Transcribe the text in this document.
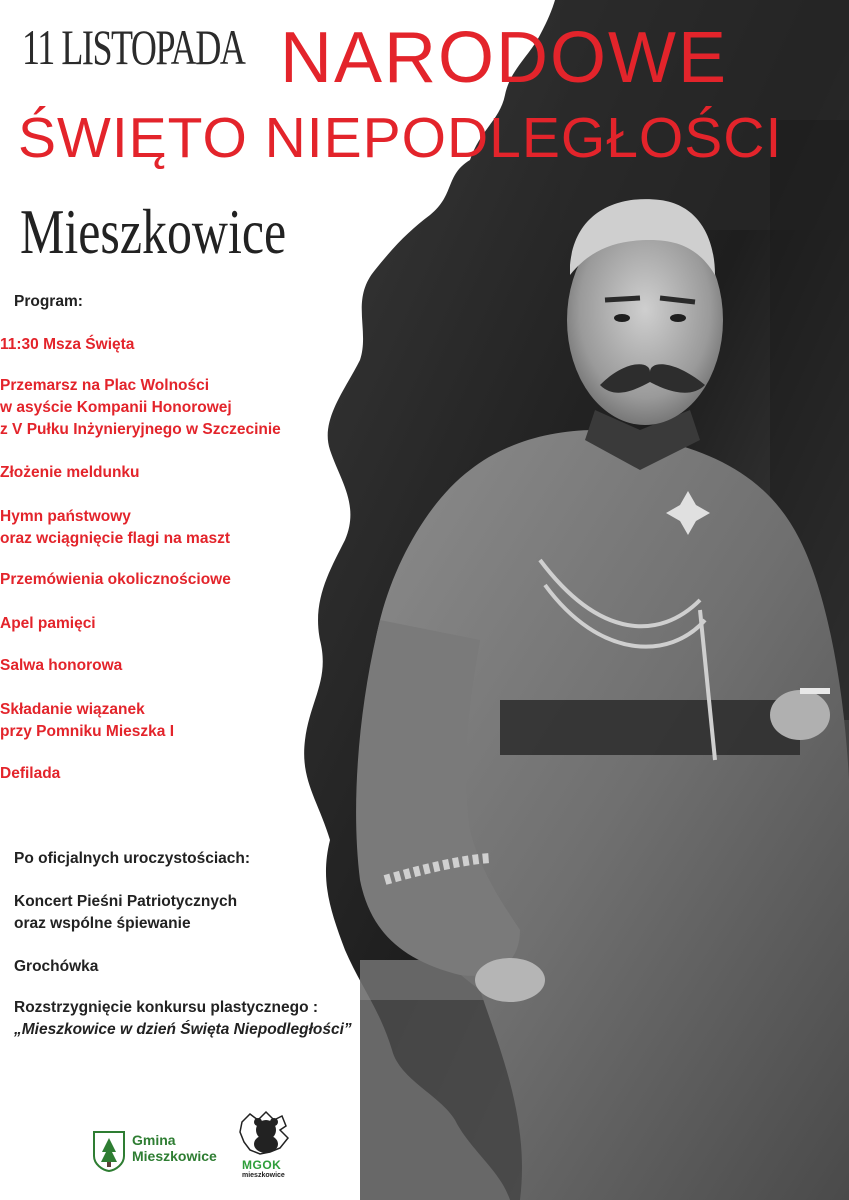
11 LISTOPADA NARODOWE
ŚWIĘTO NIEPODLEGŁOŚCI
Mieszkowice
Program:
11:30 Msza Święta
Przemarsz na Plac Wolności
w asyście Kompanii Honorowej
z V Pułku Inżynieryjnego w Szczecinie
Złożenie meldunku
Hymn państwowy
oraz wciągnięcie flagi na maszt
Przemówienia okolicznościowe
Apel pamięci
Salwa honorowa
Składanie wiązanek
przy Pomniku Mieszka I
Defilada
Po oficjalnych uroczystościach:
Koncert Pieśni Patriotycznych
oraz wspólne śpiewanie
Grochówka
Rozstrzygnięcie konkursu plastycznego :
„Mieszkowice w dzień Święta Niepodległości”
Gmina
Mieszkowice
MGOK
mieszkowice
